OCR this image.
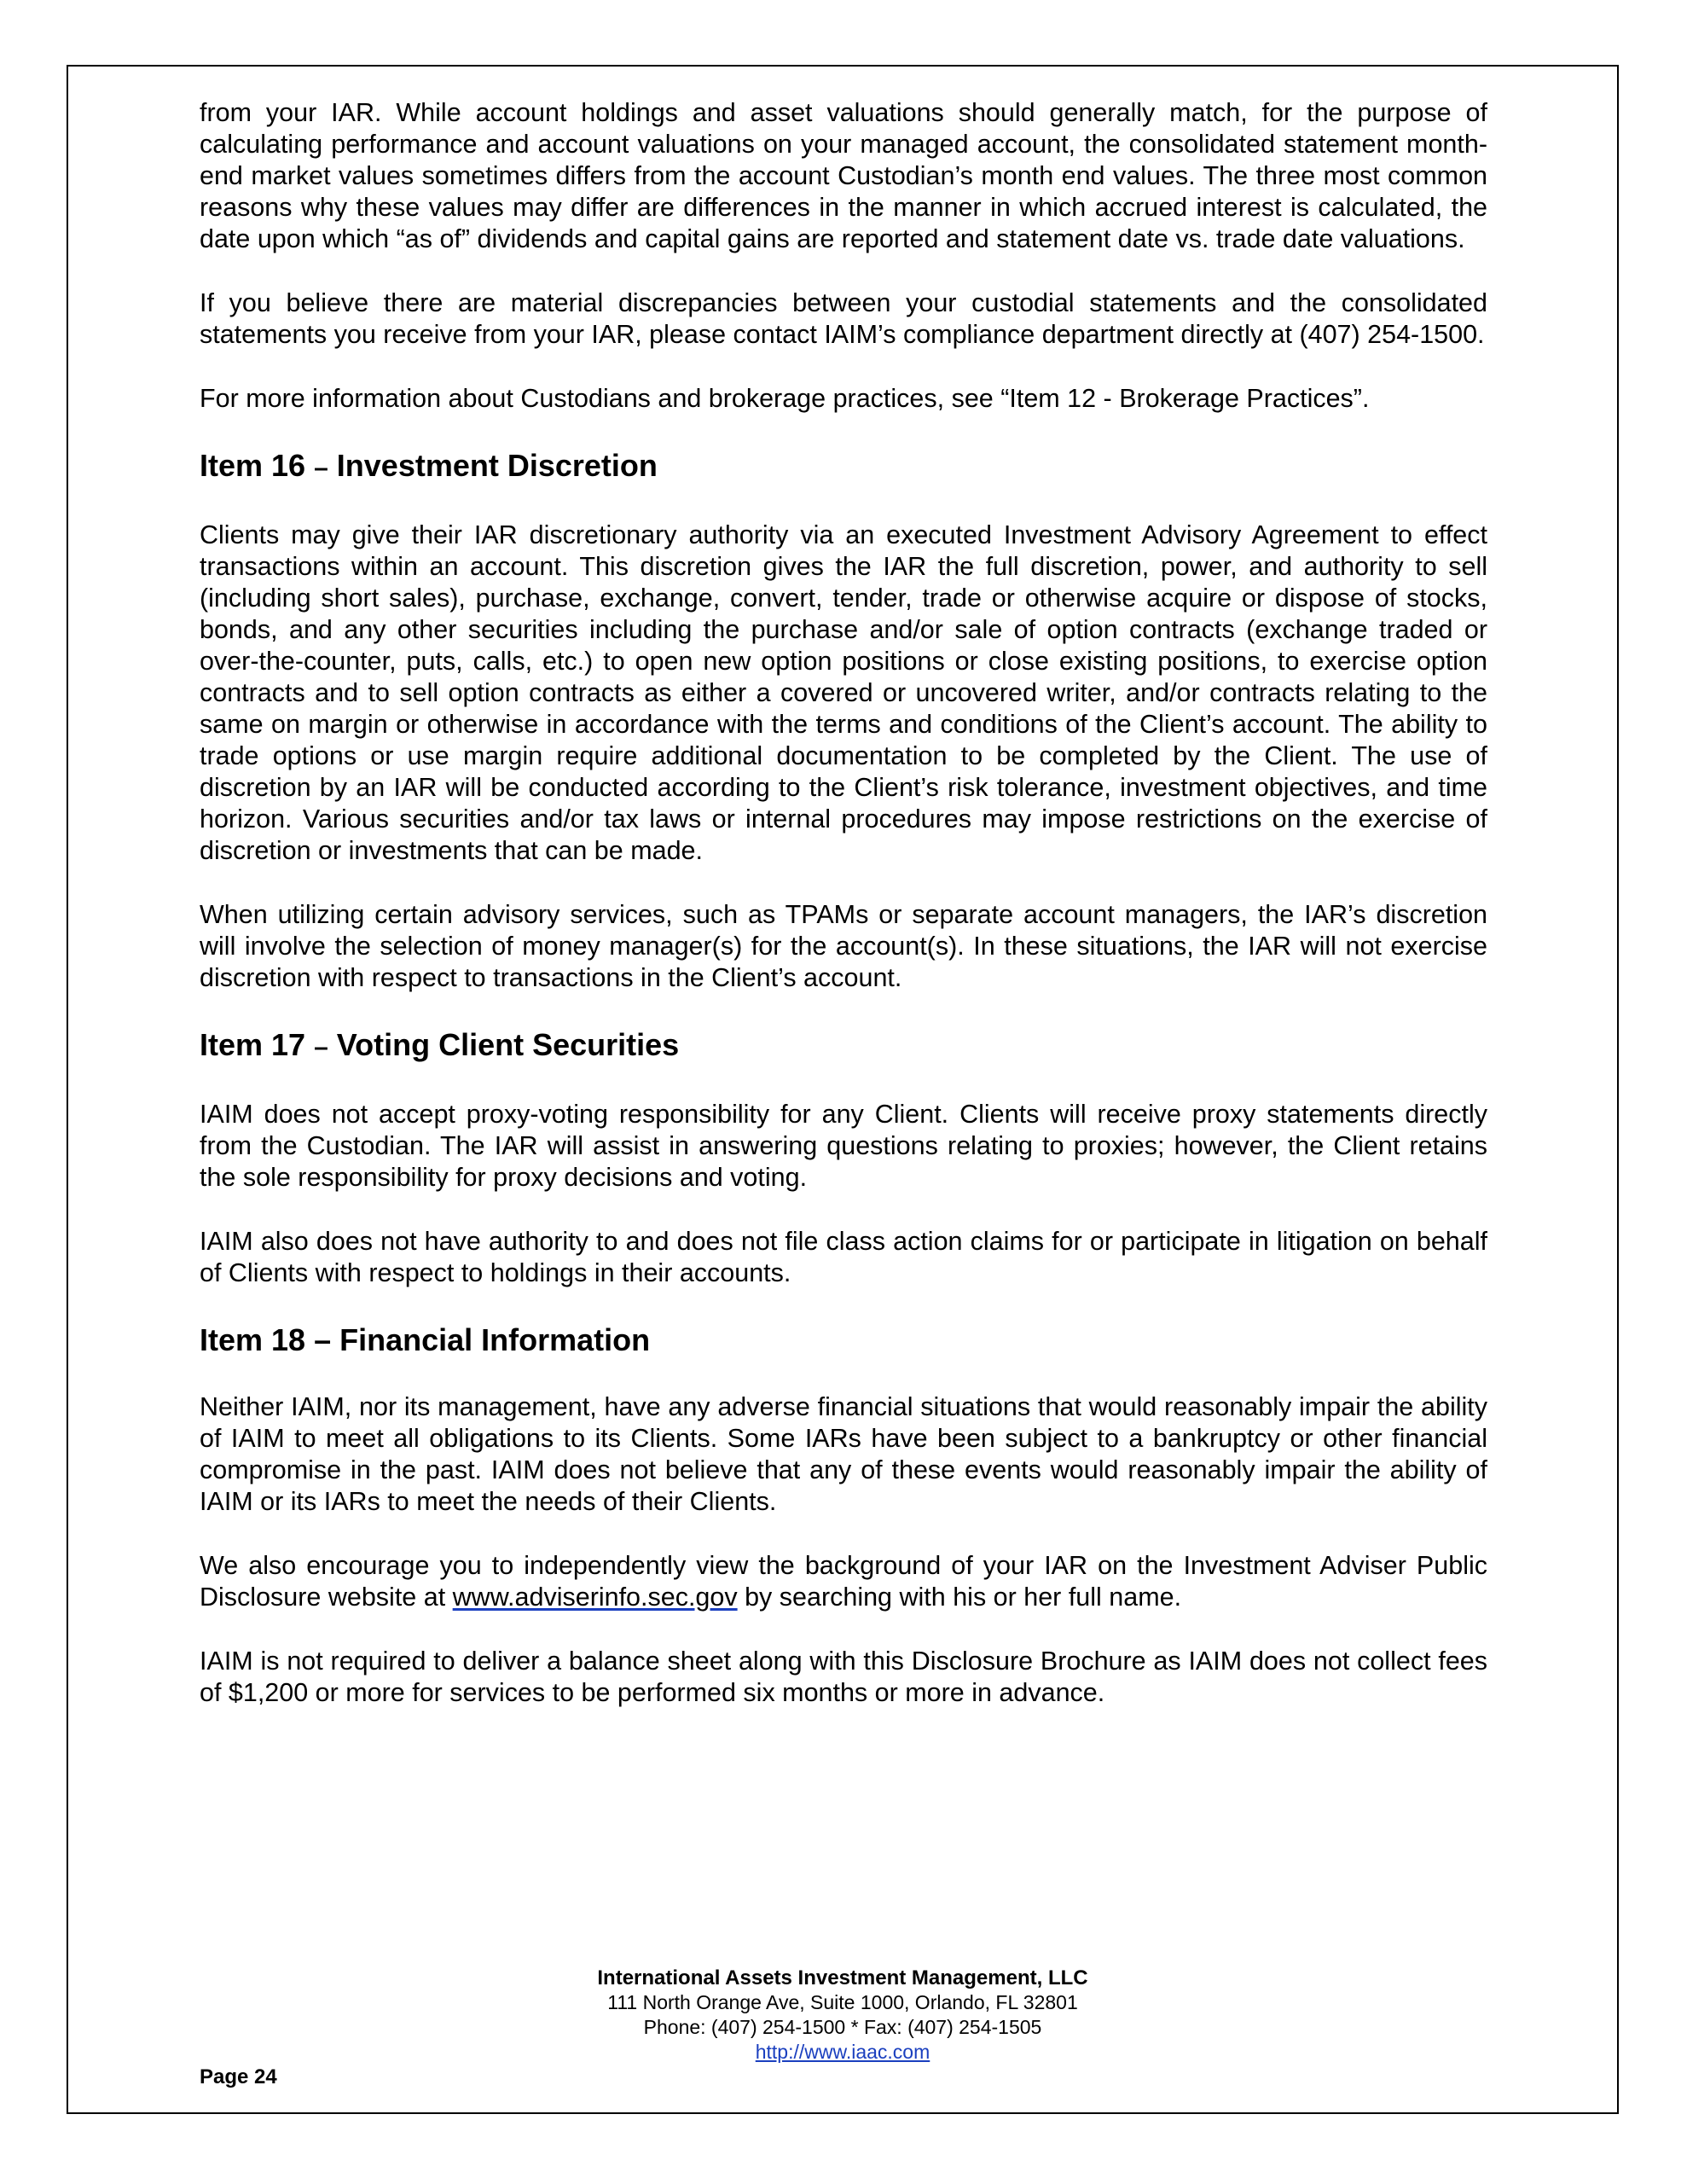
from your IAR. While account holdings and asset valuations should generally match, for the purpose of calculating performance and account valuations on your managed account, the consolidated statement month-end market values sometimes differs from the account Custodian’s month end values. The three most common reasons why these values may differ are differences in the manner in which accrued interest is calculated, the date upon which “as of” dividends and capital gains are reported and statement date vs. trade date valuations.

If you believe there are material discrepancies between your custodial statements and the consolidated statements you receive from your IAR, please contact IAIM’s compliance department directly at (407) 254-1500.

For more information about Custodians and brokerage practices, see “Item 12 - Brokerage Practices”.

Item 16 – Investment Discretion

Clients may give their IAR discretionary authority via an executed Investment Advisory Agreement to effect transactions within an account. This discretion gives the IAR the full discretion, power, and authority to sell (including short sales), purchase, exchange, convert, tender, trade or otherwise acquire or dispose of stocks, bonds, and any other securities including the purchase and/or sale of option contracts (exchange traded or over-the-counter, puts, calls, etc.) to open new option positions or close existing positions, to exercise option contracts and to sell option contracts as either a covered or uncovered writer, and/or contracts relating to the same on margin or otherwise in accordance with the terms and conditions of the Client’s account. The ability to trade options or use margin require additional documentation to be completed by the Client. The use of discretion by an IAR will be conducted according to the Client’s risk tolerance, investment objectives, and time horizon. Various securities and/or tax laws or internal procedures may impose restrictions on the exercise of discretion or investments that can be made.

When utilizing certain advisory services, such as TPAMs or separate account managers, the IAR’s discretion will involve the selection of money manager(s) for the account(s). In these situations, the IAR will not exercise discretion with respect to transactions in the Client’s account.

Item 17 – Voting Client Securities

IAIM does not accept proxy-voting responsibility for any Client. Clients will receive proxy statements directly from the Custodian. The IAR will assist in answering questions relating to proxies; however, the Client retains the sole responsibility for proxy decisions and voting.

IAIM also does not have authority to and does not file class action claims for or participate in litigation on behalf of Clients with respect to holdings in their accounts.

Item 18 – Financial Information

Neither IAIM, nor its management, have any adverse financial situations that would reasonably impair the ability of IAIM to meet all obligations to its Clients. Some IARs have been subject to a bankruptcy or other financial compromise in the past. IAIM does not believe that any of these events would reasonably impair the ability of IAIM or its IARs to meet the needs of their Clients.

We also encourage you to independently view the background of your IAR on the Investment Adviser Public Disclosure website at www.adviserinfo.sec.gov by searching with his or her full name.

IAIM is not required to deliver a balance sheet along with this Disclosure Brochure as IAIM does not collect fees of $1,200 or more for services to be performed six months or more in advance.

International Assets Investment Management, LLC
111 North Orange Ave, Suite 1000, Orlando, FL 32801
Phone: (407) 254-1500 * Fax: (407) 254-1505
http://www.iaac.com
Page 24
